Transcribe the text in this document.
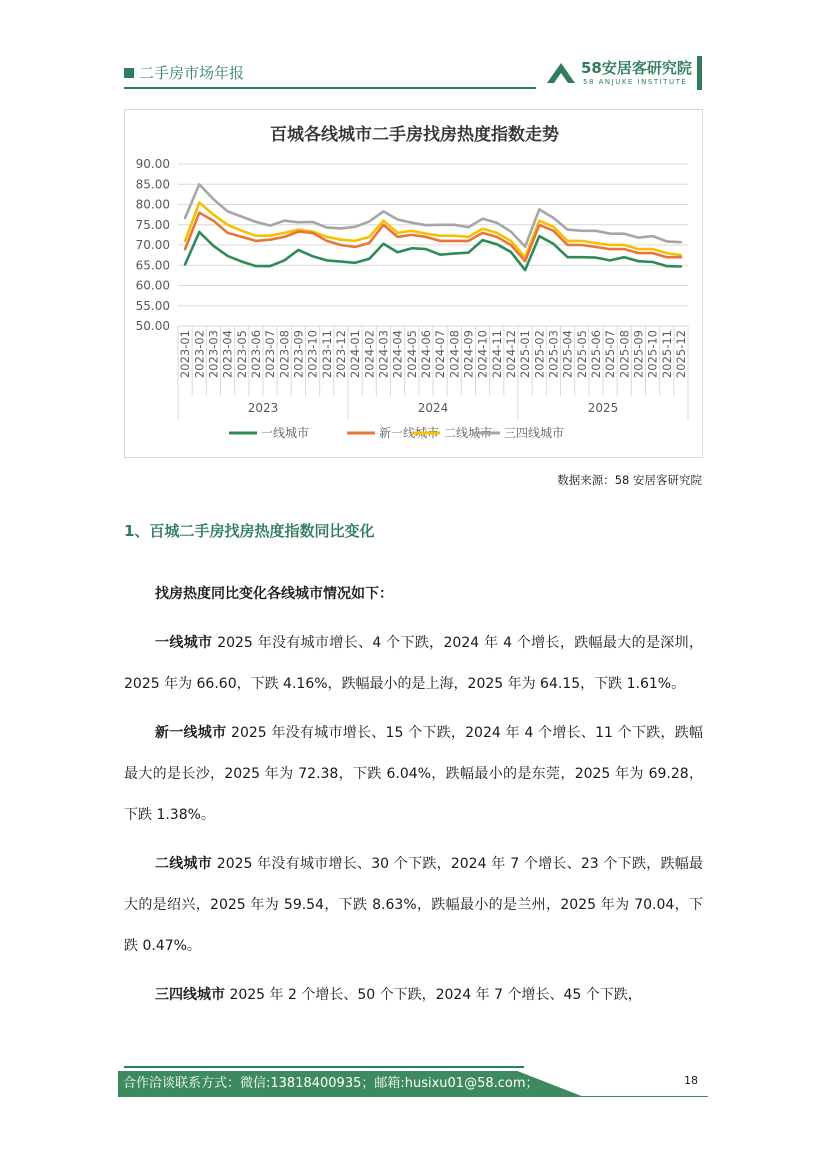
二手房市场年报	58安居客研究院
58 ANJUKE INSTITUTE
百城各线城市二手房找房热度指数走势
90.00
85.00
80.00
75.00
70.00
65.00
60.00
55.00
50.00
2023-01 2023-02 2023-03 2023-04 2023-05 2023-06 2023-07 2023-08 2023-09 2023-10 2023-11 2023-12 2024-01 2024-02 2024-03 2024-04 2024-05 2024-06 2024-07 2024-08 2024-09 2024-10 2024-11 2024-12 2025-01 2025-02 2025-03 2025-04 2025-05 2025-06 2025-07 2025-08 2025-09 2025-10 2025-11 2025-12
2023	2024	2025
一线城市	新一线城市 二线城市 三四线城市
数据来源：58 安居客研究院
1、百城二手房找房热度指数同比变化

找房热度同比变化各线城市情况如下：

一线城市 2025 年没有城市增长、4 个下跌，2024 年 4 个增长，跌幅最大的是深圳，2025 年为 66.60，下跌 4.16%，跌幅最小的是上海，2025 年为 64.15，下跌 1.61%。

新一线城市 2025 年没有城市增长、15 个下跌，2024 年 4 个增长、11 个下跌，跌幅最大的是长沙，2025 年为 72.38，下跌 6.04%，跌幅最小的是东莞，2025 年为 69.28，下跌 1.38%。

二线城市 2025 年没有城市增长、30 个下跌，2024 年 7 个增长、23 个下跌，跌幅最大的是绍兴，2025 年为 59.54，下跌 8.63%，跌幅最小的是兰州，2025 年为 70.04，下跌 0.47%。

三四线城市 2025 年 2 个增长、50 个下跌，2024 年 7 个增长、45 个下跌，

合作洽谈联系方式：微信:13818400935；邮箱:husixu01@58.com；	18
